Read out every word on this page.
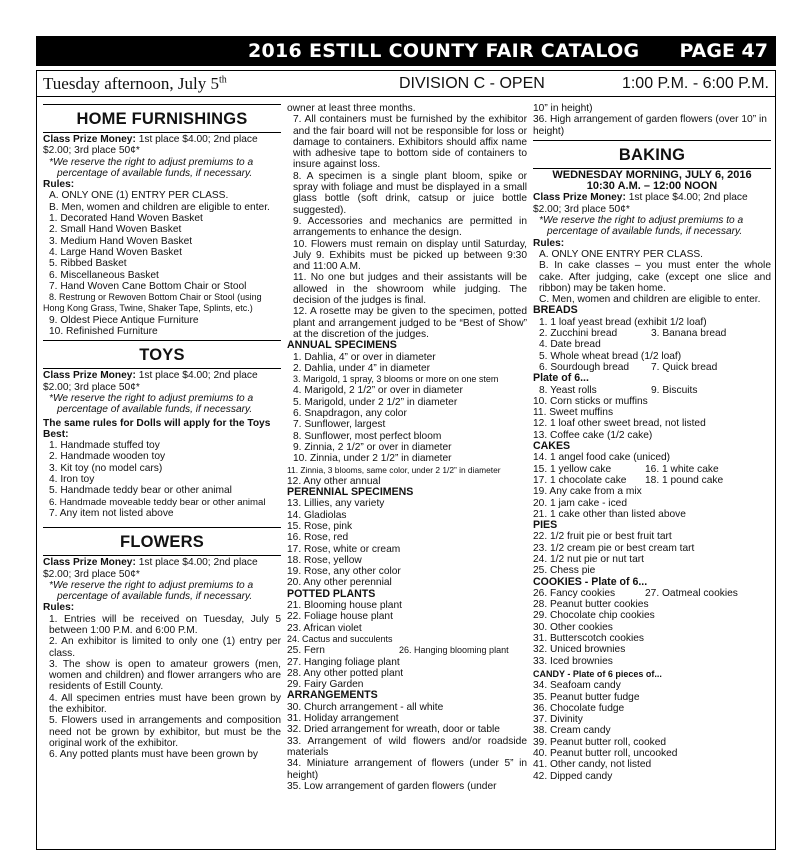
2016 ESTILL COUNTY FAIR CATALOG PAGE 47
Tuesday afternoon, July 5th	DIVISION C - OPEN	1:00 P.M. - 6:00 P.M.
HOME FURNISHINGS
Class Prize Money: 1st place $4.00; 2nd place
$2.00; 3rd place 50¢*
*We reserve the right to adjust premiums to a
percentage of available funds, if necessary.
Rules:
A. ONLY ONE (1) ENTRY PER CLASS.
B. Men, women and children are eligible to enter.
1. Decorated Hand Woven Basket
2. Small Hand Woven Basket
3. Medium Hand Woven Basket
4. Large Hand Woven Basket
5. Ribbed Basket
6. Miscellaneous Basket
7. Hand Woven Cane Bottom Chair or Stool
8. Restrung or Rewoven Bottom Chair or Stool (using
Hong Kong Grass, Twine, Shaker Tape, Splints, etc.)
9. Oldest Piece Antique Furniture
10. Refinished Furniture
TOYS
Class Prize Money: 1st place $4.00; 2nd place
$2.00; 3rd place 50¢*
*We reserve the right to adjust premiums to a
percentage of available funds, if necessary.
The same rules for Dolls will apply for the Toys
Best:
1. Handmade stuffed toy
2. Handmade wooden toy
3. Kit toy (no model cars)
4. Iron toy
5. Handmade teddy bear or other animal
6. Handmade moveable teddy bear or other animal
7. Any item not listed above
FLOWERS
Class Prize Money: 1st place $4.00; 2nd place
$2.00; 3rd place 50¢*
*We reserve the right to adjust premiums to a
percentage of available funds, if necessary.
Rules:
1. Entries will be received on Tuesday, July 5 between 1:00 P.M. and 6:00 P.M.
2. An exhibitor is limited to only one (1) entry per class.
3. The show is open to amateur growers (men, women and children) and flower arrangers who are residents of Estill County.
4. All specimen entries must have been grown by the exhibitor.
5. Flowers used in arrangements and composition need not be grown by exhibitor, but must be the original work of the exhibitor.
6. Any potted plants must have been grown by
owner at least three months.
7. All containers must be furnished by the exhibitor and the fair board will not be responsible for loss or damage to containers. Exhibitors should affix name with adhesive tape to bottom side of containers to insure against loss.
8. A specimen is a single plant bloom, spike or spray with foliage and must be displayed in a small glass bottle (soft drink, catsup or juice bottle suggested).
9. Accessories and mechanics are permitted in arrangements to enhance the design.
10. Flowers must remain on display until Saturday, July 9. Exhibits must be picked up between 9:30 and 11:00 A.M.
11. No one but judges and their assistants will be allowed in the showroom while judging. The decision of the judges is final.
12. A rosette may be given to the specimen, potted plant and arrangement judged to be “Best of Show” at the discretion of the judges.
ANNUAL SPECIMENS
1. Dahlia, 4” or over in diameter
2. Dahlia, under 4” in diameter
3. Marigold, 1 spray, 3 blooms or more on one stem
4. Marigold, 2 1/2” or over in diameter
5. Marigold, under 2 1/2” in diameter
6. Snapdragon, any color
7. Sunflower, largest
8. Sunflower, most perfect bloom
9. Zinnia, 2 1/2” or over in diameter
10. Zinnia, under 2 1/2” in diameter
11. Zinnia, 3 blooms, same color, under 2 1/2” in diameter
12. Any other annual
PERENNIAL SPECIMENS
13. Lillies, any variety
14. Gladiolas
15. Rose, pink
16. Rose, red
17. Rose, white or cream
18. Rose, yellow
19. Rose, any other color
20. Any other perennial
POTTED PLANTS
21. Blooming house plant
22. Foliage house plant
23. African violet
24. Cactus and succulents
25. Fern	26. Hanging blooming plant
27. Hanging foliage plant
28. Any other potted plant
29. Fairy Garden
ARRANGEMENTS
30. Church arrangement - all white
31. Holiday arrangement
32. Dried arrangement for wreath, door or table
33. Arrangement of wild flowers and/or roadside materials
34. Miniature arrangement of flowers (under 5” in height)
35. Low arrangement of garden flowers (under
10” in height)
36. High arrangement of garden flowers (over 10” in height)
BAKING
WEDNESDAY MORNING, JULY 6, 2016
10:30 A.M. – 12:00 NOON
Class Prize Money: 1st place $4.00; 2nd place
$2.00; 3rd place 50¢*
*We reserve the right to adjust premiums to a
percentage of available funds, if necessary.
Rules:
A. ONLY ONE ENTRY PER CLASS.
B. In cake classes – you must enter the whole cake. After judging, cake (except one slice and ribbon) may be taken home.
C. Men, women and children are eligible to enter.
BREADS
1. 1 loaf yeast bread (exhibit 1/2 loaf)
2. Zucchini bread	3. Banana bread
4. Date bread
5. Whole wheat bread (1/2 loaf)
6. Sourdough bread	7. Quick bread
Plate of 6...
8. Yeast rolls	9. Biscuits
10. Corn sticks or muffins
11. Sweet muffins
12. 1 loaf other sweet bread, not listed
13. Coffee cake (1/2 cake)
CAKES
14. 1 angel food cake (uniced)
15. 1 yellow cake	16. 1 white cake
17. 1 chocolate cake	18. 1 pound cake
19. Any cake from a mix
20. 1 jam cake - iced
21. 1 cake other than listed above
PIES
22. 1/2 fruit pie or best fruit tart
23. 1/2 cream pie or best cream tart
24. 1/2 nut pie or nut tart
25. Chess pie
COOKIES - Plate of 6...
26. Fancy cookies	27. Oatmeal cookies
28. Peanut butter cookies
29. Chocolate chip cookies
30. Other cookies
31. Butterscotch cookies
32. Uniced brownies
33. Iced brownies
CANDY - Plate of 6 pieces of...
34. Seafoam candy
35. Peanut butter fudge
36. Chocolate fudge
37. Divinity
38. Cream candy
39. Peanut butter roll, cooked
40. Peanut butter roll, uncooked
41. Other candy, not listed
42. Dipped candy
